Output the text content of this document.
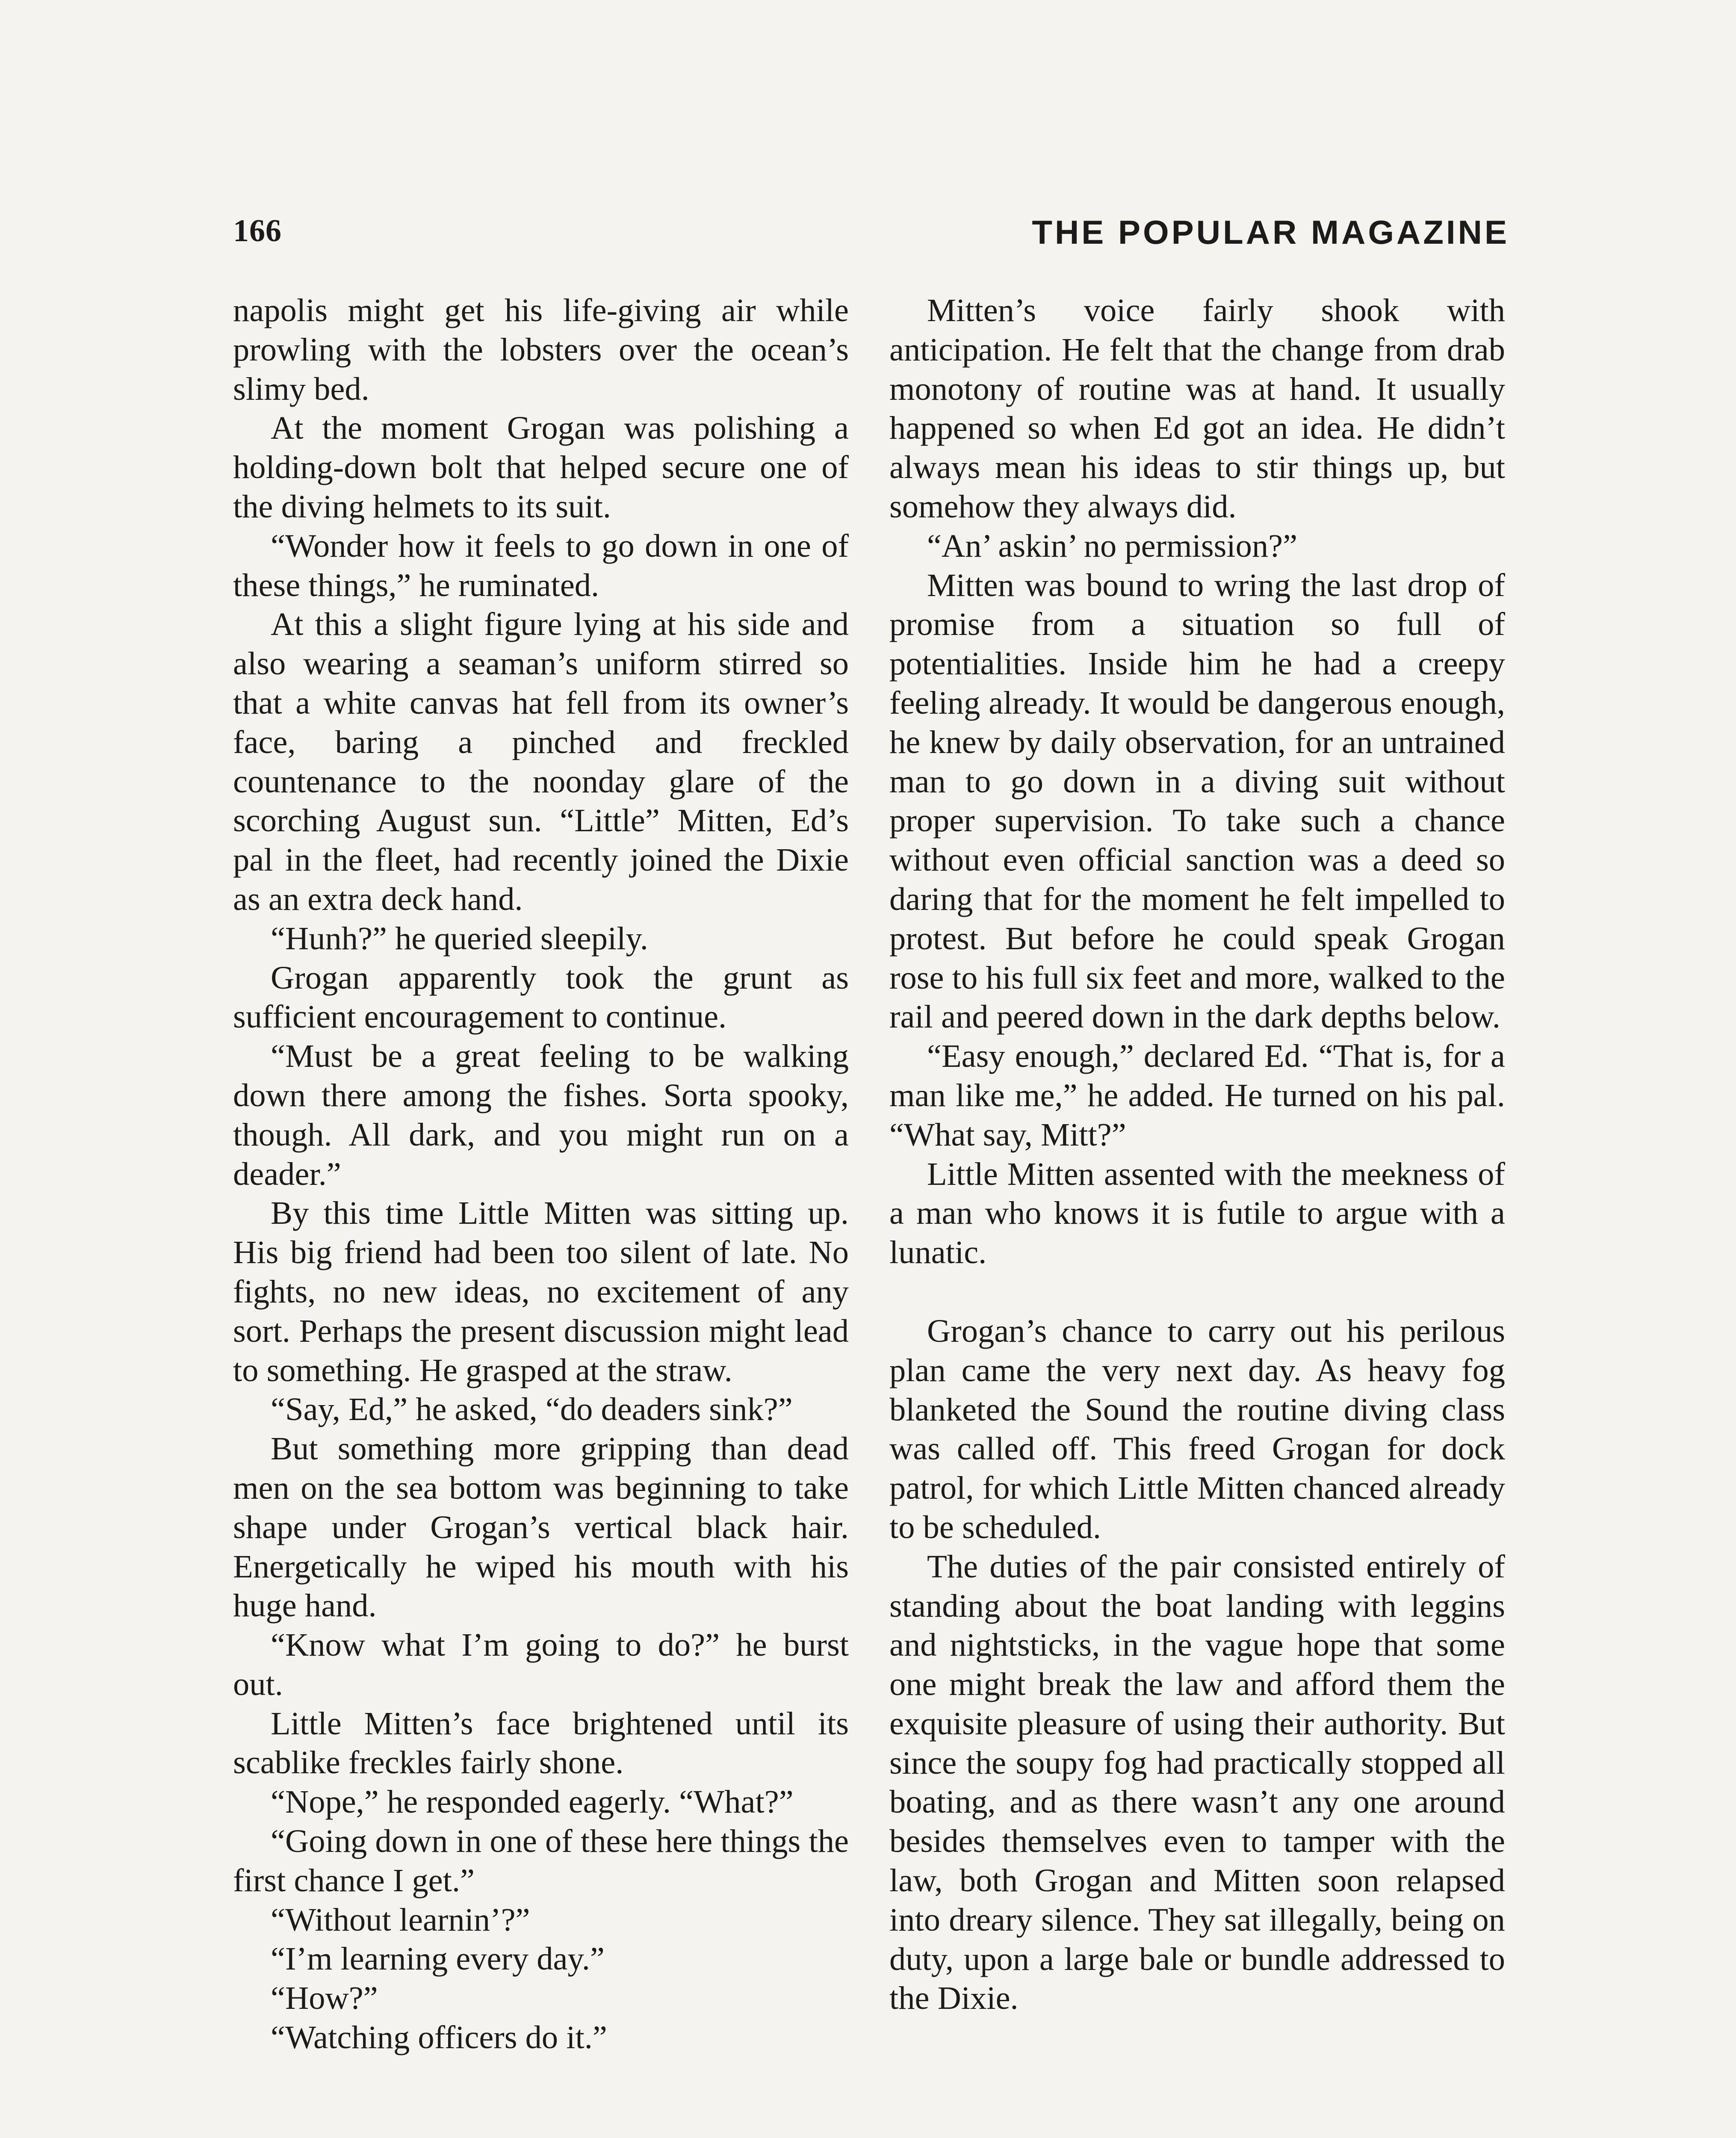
166	THE POPULAR MAGAZINE

napolis might get his life-giving air while prowling with the lobsters over the ocean’s slimy bed.

At the moment Grogan was polishing a holding-down bolt that helped secure one of the diving helmets to its suit.

“Wonder how it feels to go down in one of these things,” he ruminated.

At this a slight figure lying at his side and also wearing a seaman’s uniform stirred so that a white canvas hat fell from its owner’s face, baring a pinched and freckled countenance to the noonday glare of the scorching August sun. “Little” Mitten, Ed’s pal in the fleet, had recently joined the Dixie as an extra deck hand.

“Hunh?” he queried sleepily.

Grogan apparently took the grunt as sufficient encouragement to continue.

“Must be a great feeling to be walking down there among the fishes. Sorta spooky, though. All dark, and you might run on a deader.”

By this time Little Mitten was sitting up. His big friend had been too silent of late. No fights, no new ideas, no excitement of any sort. Perhaps the present discussion might lead to something. He grasped at the straw.

“Say, Ed,” he asked, “do deaders sink?”

But something more gripping than dead men on the sea bottom was beginning to take shape under Grogan’s vertical black hair. Energetically he wiped his mouth with his huge hand.

“Know what I’m going to do?” he burst out.

Little Mitten’s face brightened until its scablike freckles fairly shone.

“Nope,” he responded eagerly. “What?”

“Going down in one of these here things the first chance I get.”

“Without learnin’?”

“I’m learning every day.”

“How?”

“Watching officers do it.”

Mitten’s voice fairly shook with anticipation. He felt that the change from drab monotony of routine was at hand. It usually happened so when Ed got an idea. He didn’t always mean his ideas to stir things up, but somehow they always did.

“An’ askin’ no permission?”

Mitten was bound to wring the last drop of promise from a situation so full of potentialities. Inside him he had a creepy feeling already. It would be dangerous enough, he knew by daily observation, for an untrained man to go down in a diving suit without proper supervision. To take such a chance without even official sanction was a deed so daring that for the moment he felt impelled to protest. But before he could speak Grogan rose to his full six feet and more, walked to the rail and peered down in the dark depths below.

“Easy enough,” declared Ed. “That is, for a man like me,” he added. He turned on his pal. “What say, Mitt?”

Little Mitten assented with the meekness of a man who knows it is futile to argue with a lunatic.

Grogan’s chance to carry out his perilous plan came the very next day. As heavy fog blanketed the Sound the routine diving class was called off. This freed Grogan for dock patrol, for which Little Mitten chanced already to be scheduled.

The duties of the pair consisted entirely of standing about the boat landing with leggins and nightsticks, in the vague hope that some one might break the law and afford them the exquisite pleasure of using their authority. But since the soupy fog had practically stopped all boating, and as there wasn’t any one around besides themselves even to tamper with the law, both Grogan and Mitten soon relapsed into dreary silence. They sat illegally, being on duty, upon a large bale or bundle addressed to the Dixie.
